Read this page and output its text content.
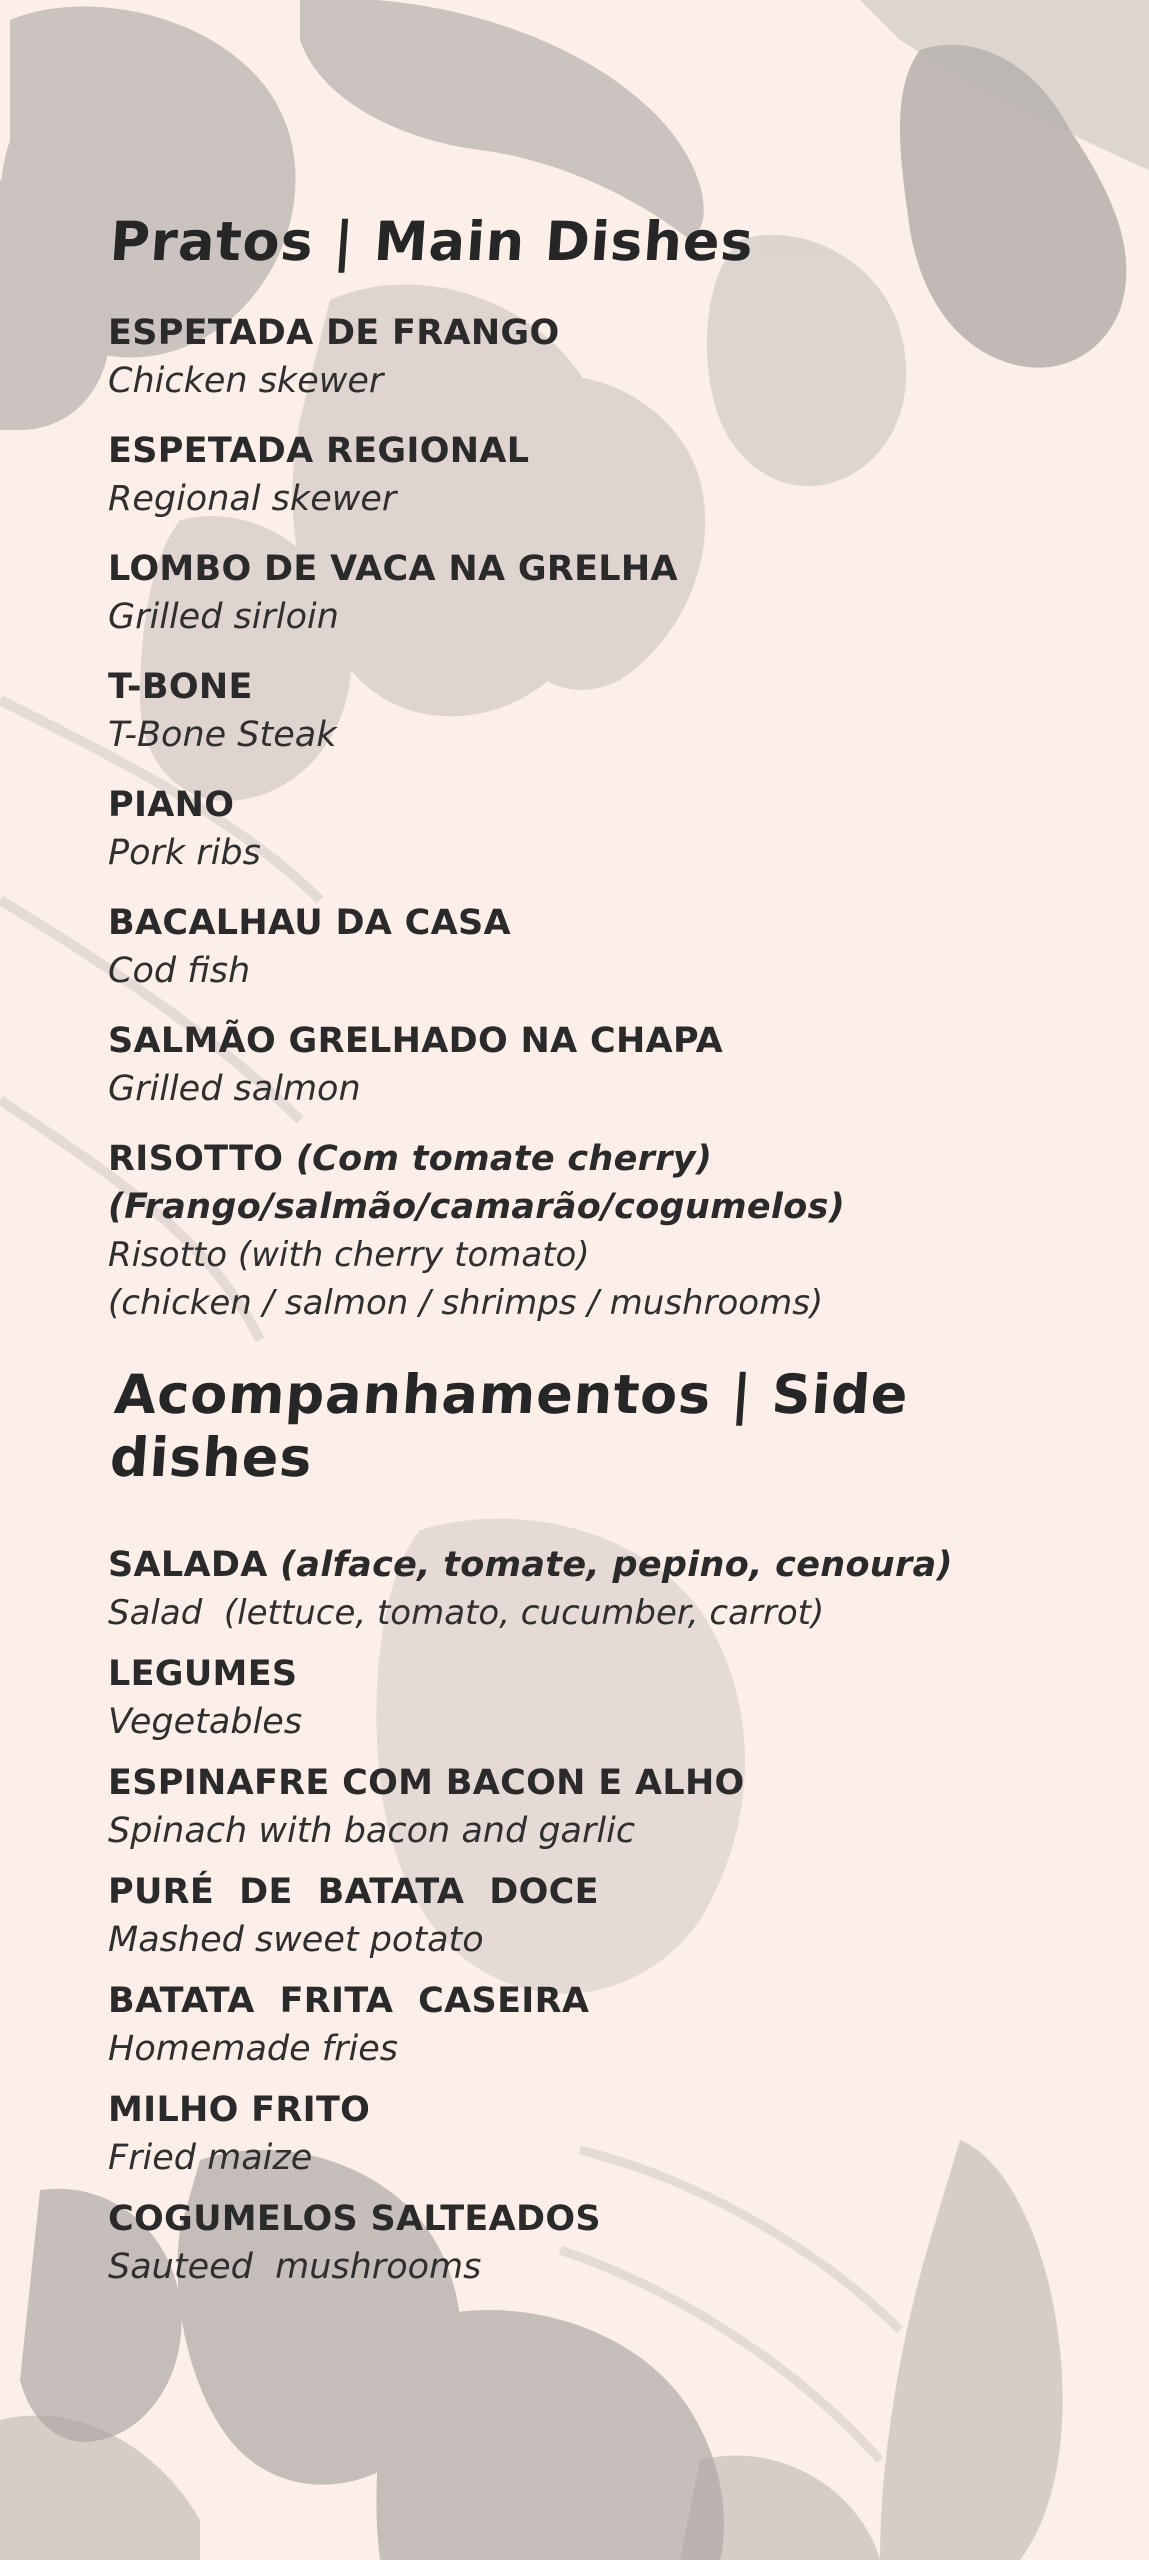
Pratos | Main Dishes
ESPETADA DE FRANGO
Chicken skewer
ESPETADA REGIONAL
Regional skewer
LOMBO DE VACA NA GRELHA
Grilled sirloin
T-BONE
T-Bone Steak
PIANO
Pork ribs
BACALHAU DA CASA
Cod fish
SALMÃO GRELHADO NA CHAPA
Grilled salmon
RISOTTO (Com tomate cherry)
(Frango/salmão/camarão/cogumelos)
Risotto (with cherry tomato)
(chicken / salmon / shrimps / mushrooms)
Acompanhamentos | Side dishes
SALADA (alface, tomate, pepino, cenoura)
Salad (lettuce, tomato, cucumber, carrot)
LEGUMES
Vegetables
ESPINAFRE COM BACON E ALHO
Spinach with bacon and garlic
PURÉ  DE  BATATA  DOCE
Mashed sweet potato
BATATA  FRITA  CASEIRA
Homemade fries
MILHO FRITO
Fried maize
COGUMELOS SALTEADOS
Sauteed  mushrooms
